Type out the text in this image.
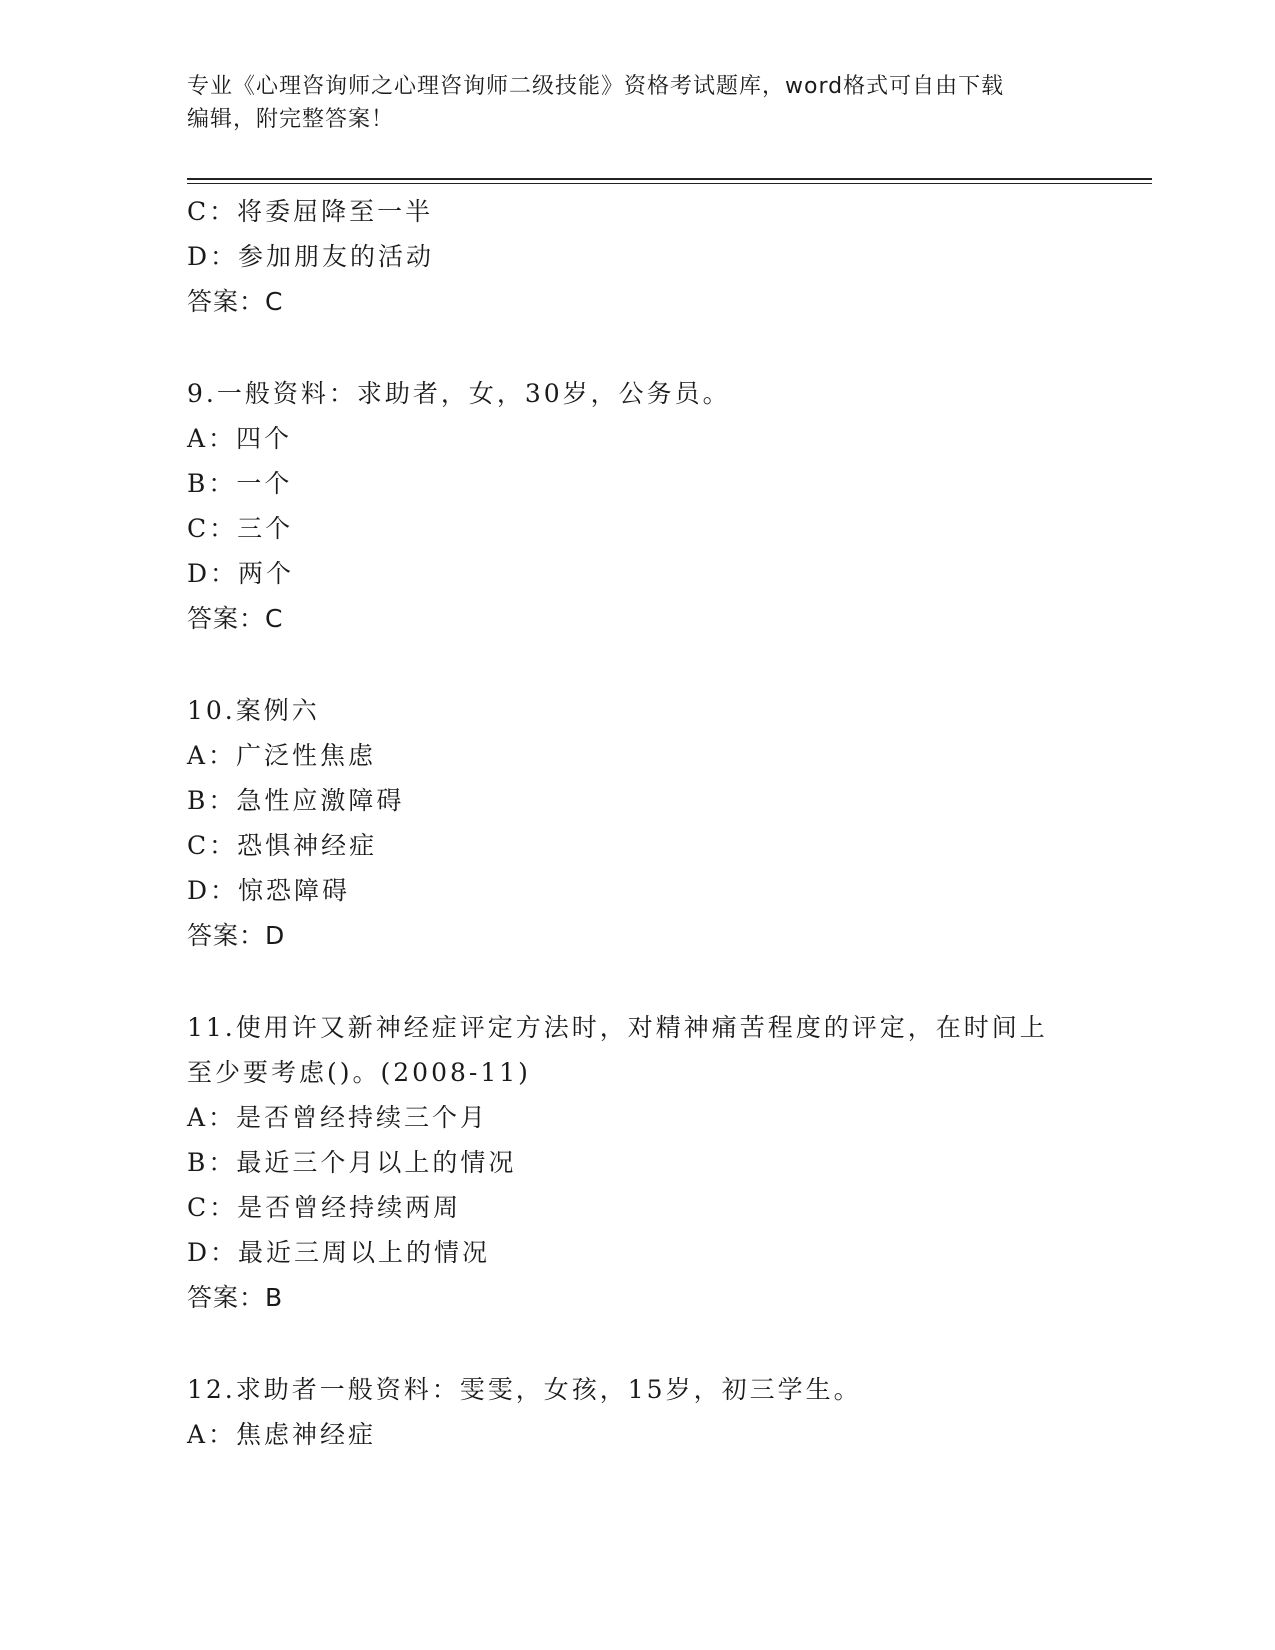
专业《心理咨询师之心理咨询师二级技能》资格考试题库，word格式可自由下载
编辑，附完整答案！
C：将委屈降至一半
D：参加朋友的活动
答案：C
9.一般资料：求助者，女，30岁，公务员。
A：四个
B：一个
C：三个
D：两个
答案：C
10.案例六
A：广泛性焦虑
B：急性应激障碍
C：恐惧神经症
D：惊恐障碍
答案：D
11.使用许又新神经症评定方法时，对精神痛苦程度的评定，在时间上
至少要考虑()。(2008-11)
A：是否曾经持续三个月
B：最近三个月以上的情况
C：是否曾经持续两周
D：最近三周以上的情况
答案：B
12.求助者一般资料：雯雯，女孩，15岁，初三学生。
A：焦虑神经症
